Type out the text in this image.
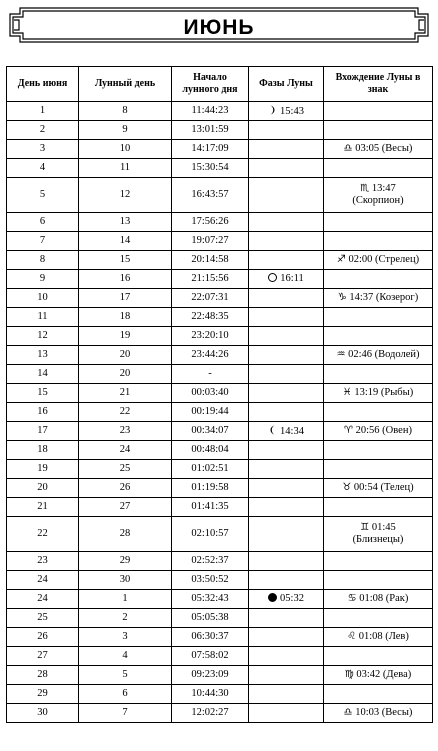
ИЮНЬ
День июня	Лунный день	Начало лунного дня	Фазы Луны	Вхождение Луны в знак
1	8	11:44:23	15:43	
2	9	13:01:59		
3	10	14:17:09		♎ 03:05 (Весы)
4	11	15:30:54		
5	12	16:43:57		♏ 13:47
(Скорпион)
6	13	17:56:26		
7	14	19:07:27		
8	15	20:14:58		♐ 02:00 (Стрелец)
9	16	21:15:56	16:11	
10	17	22:07:31		♑ 14:37 (Козерог)
11	18	22:48:35		
12	19	23:20:10		
13	20	23:44:26		♒ 02:46 (Водолей)
14	20	-		
15	21	00:03:40		♓ 13:19 (Рыбы)
16	22	00:19:44		
17	23	00:34:07	14:34	♈ 20:56 (Овен)
18	24	00:48:04		
19	25	01:02:51		
20	26	01:19:58		♉ 00:54 (Телец)
21	27	01:41:35		
22	28	02:10:57		♊ 01:45
(Близнецы)
23	29	02:52:37		
24	30	03:50:52		
24	1	05:32:43	05:32	♋ 01:08 (Рак)
25	2	05:05:38		
26	3	06:30:37		♌ 01:08 (Лев)
27	4	07:58:02		
28	5	09:23:09		♍ 03:42 (Дева)
29	6	10:44:30		
30	7	12:02:27		♎ 10:03 (Весы)
